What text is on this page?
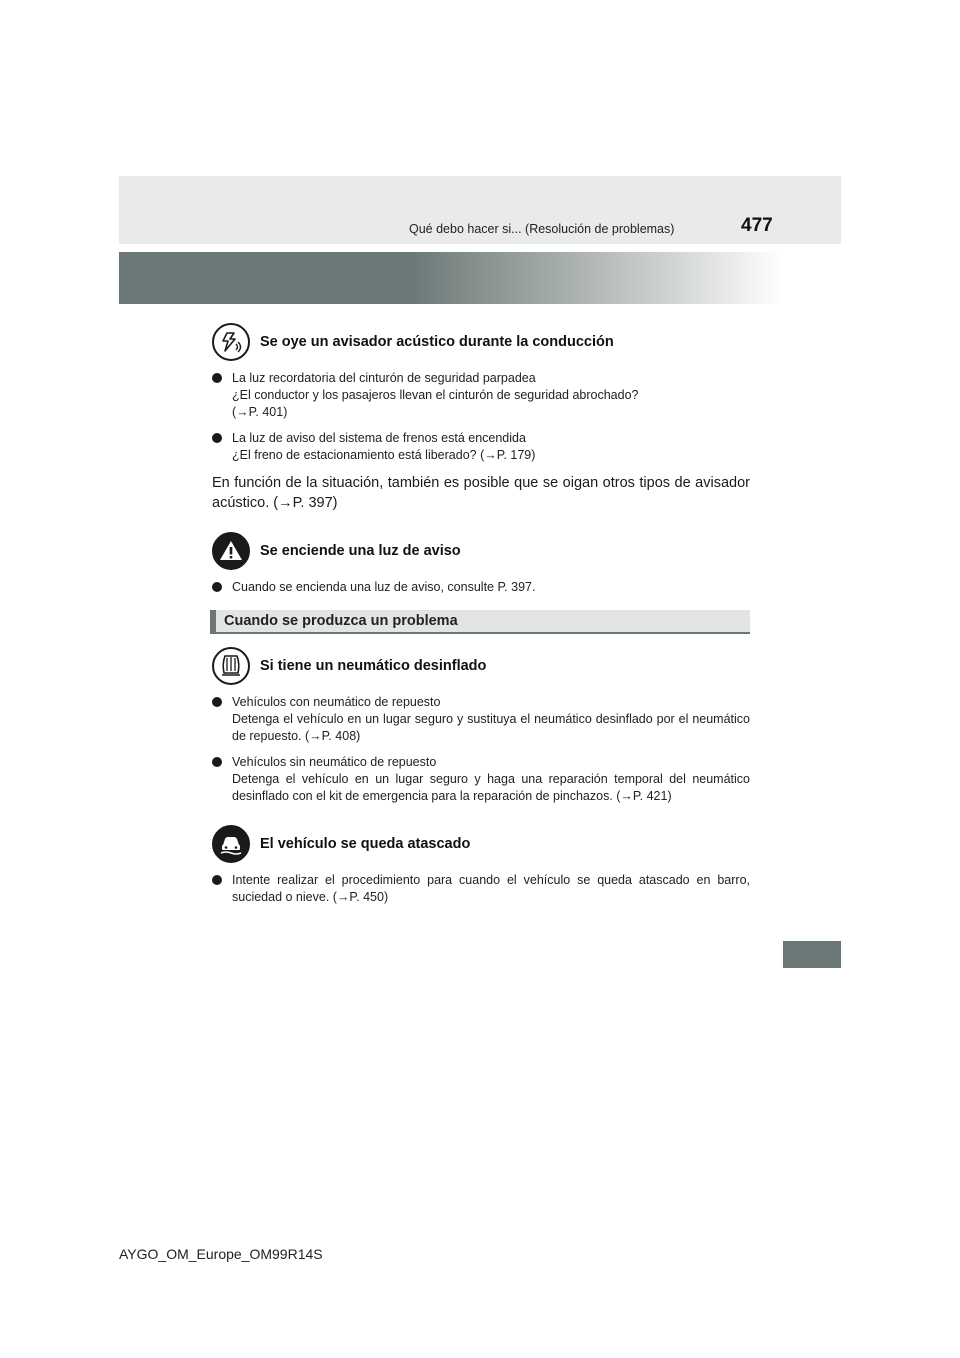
Qué debo hacer si... (Resolución de problemas)	477
Se oye un avisador acústico durante la conducción
La luz recordatoria del cinturón de seguridad parpadea
¿El conductor y los pasajeros llevan el cinturón de seguridad abrochado?
(→P. 401)
La luz de aviso del sistema de frenos está encendida
¿El freno de estacionamiento está liberado? (→P. 179)

En función de la situación, también es posible que se oigan otros tipos de avisador acústico. (→P. 397)

Se enciende una luz de aviso
Cuando se encienda una luz de aviso, consulte P. 397.
Cuando se produzca un problema
Si tiene un neumático desinflado
Vehículos con neumático de repuesto
Detenga el vehículo en un lugar seguro y sustituya el neumático desinflado por el neumático de repuesto. (→P. 408)
Vehículos sin neumático de repuesto
Detenga el vehículo en un lugar seguro y haga una reparación temporal del neumático desinflado con el kit de emergencia para la reparación de pinchazos. (→P. 421)
El vehículo se queda atascado
Intente realizar el procedimiento para cuando el vehículo se queda atascado en barro, suciedad o nieve. (→P. 450)
AYGO_OM_Europe_OM99R14S
